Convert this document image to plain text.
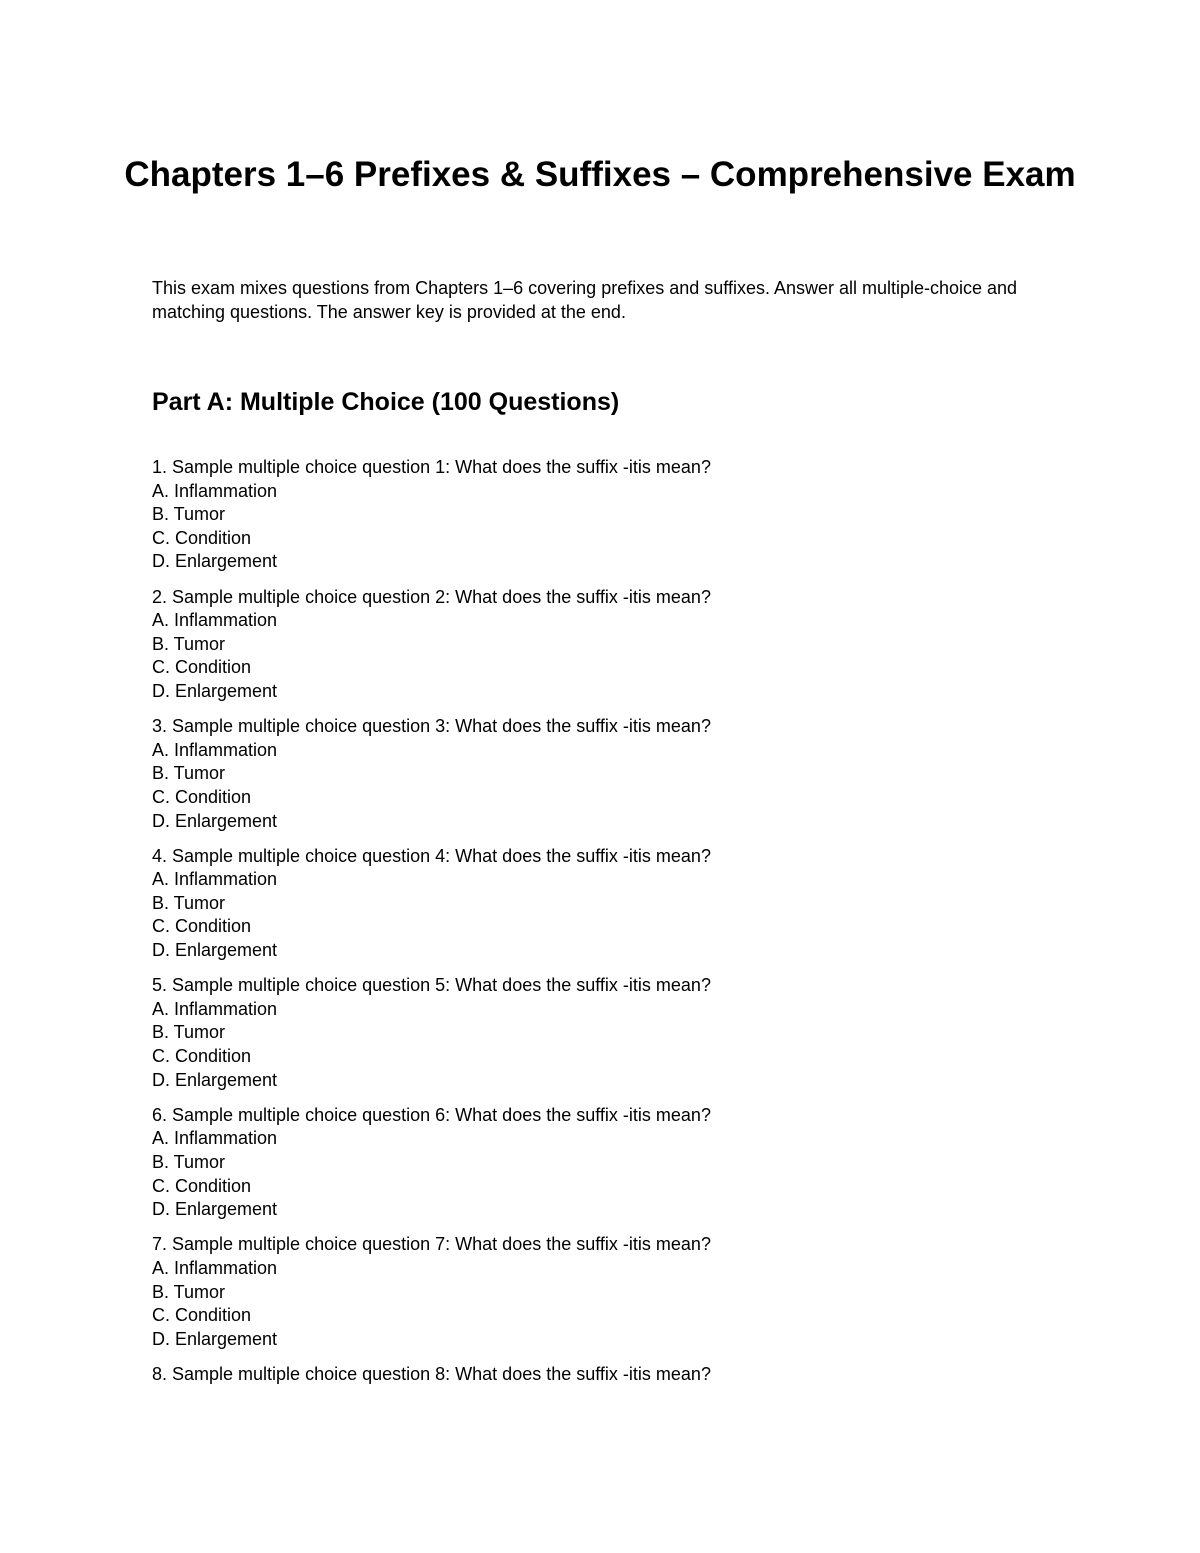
Chapters 1–6 Prefixes & Suffixes – Comprehensive Exam

This exam mixes questions from Chapters 1–6 covering prefixes and suffixes. Answer all multiple-choice and matching questions. The answer key is provided at the end.

Part A: Multiple Choice (100 Questions)
1. Sample multiple choice question 1: What does the suffix -itis mean?
A. Inflammation
B. Tumor
C. Condition
D. Enlargement
2. Sample multiple choice question 2: What does the suffix -itis mean?
A. Inflammation
B. Tumor
C. Condition
D. Enlargement
3. Sample multiple choice question 3: What does the suffix -itis mean?
A. Inflammation
B. Tumor
C. Condition
D. Enlargement
4. Sample multiple choice question 4: What does the suffix -itis mean?
A. Inflammation
B. Tumor
C. Condition
D. Enlargement
5. Sample multiple choice question 5: What does the suffix -itis mean?
A. Inflammation
B. Tumor
C. Condition
D. Enlargement
6. Sample multiple choice question 6: What does the suffix -itis mean?
A. Inflammation
B. Tumor
C. Condition
D. Enlargement
7. Sample multiple choice question 7: What does the suffix -itis mean?
A. Inflammation
B. Tumor
C. Condition
D. Enlargement
8. Sample multiple choice question 8: What does the suffix -itis mean?
